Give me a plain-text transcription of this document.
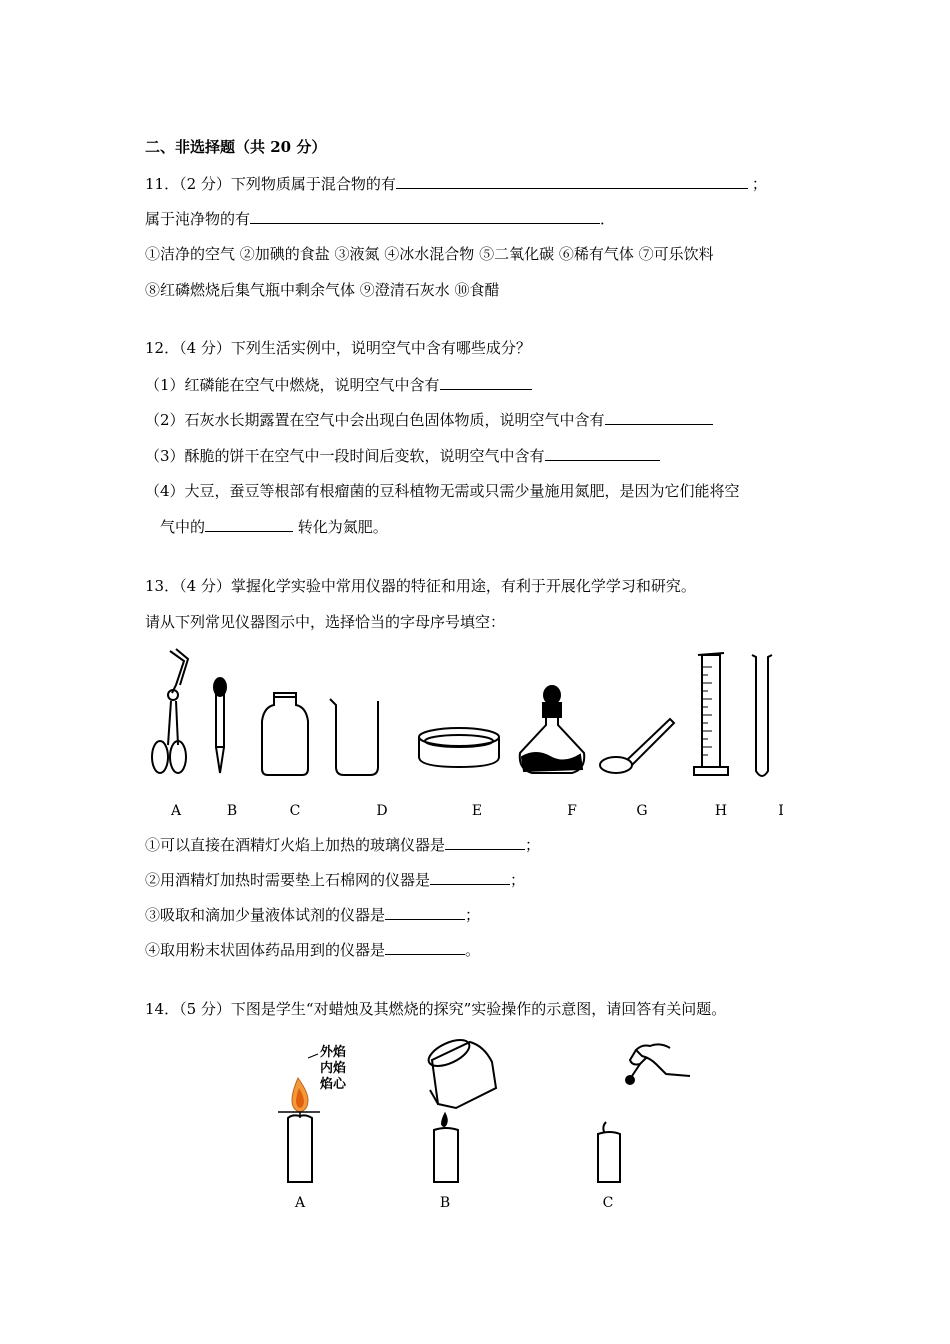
二、非选择题（共 20 分）
11．（2 分）下列物质属于混合物的有	；
属于沌净物的有	．
①洁净的空气 ②加碘的食盐 ③液氮 ④冰水混合物 ⑤二氧化碳 ⑥稀有气体 ⑦可乐饮料
⑧红磷燃烧后集气瓶中剩余气体 ⑨澄清石灰水 ⑩食醋
12．（4 分）下列生活实例中，说明空气中含有哪些成分？
（1）红磷能在空气中燃烧，说明空气中含有
（2）石灰水长期露置在空气中会出现白色固体物质，说明空气中含有
（3）酥脆的饼干在空气中一段时间后变软，说明空气中含有
（4）大豆，蚕豆等根部有根瘤菌的豆科植物无需或只需少量施用氮肥，是因为它们能将空
气中的	转化为氮肥。
13．（4 分）掌握化学实验中常用仪器的特征和用途，有利于开展化学学习和研究。
请从下列常见仪器图示中，选择恰当的字母序号填空：
A	B	C	D	E	F	G	H	I
①可以直接在酒精灯火焰上加热的玻璃仪器是	；
②用酒精灯加热时需要垫上石棉网的仪器是	；
③吸取和滴加少量液体试剂的仪器是	；
④取用粉末状固体药品用到的仪器是	。
14．（5 分）下图是学生“对蜡烛及其燃烧的探究”实验操作的示意图，请回答有关问题。
外焰
内焰
焰心
A	B	C
